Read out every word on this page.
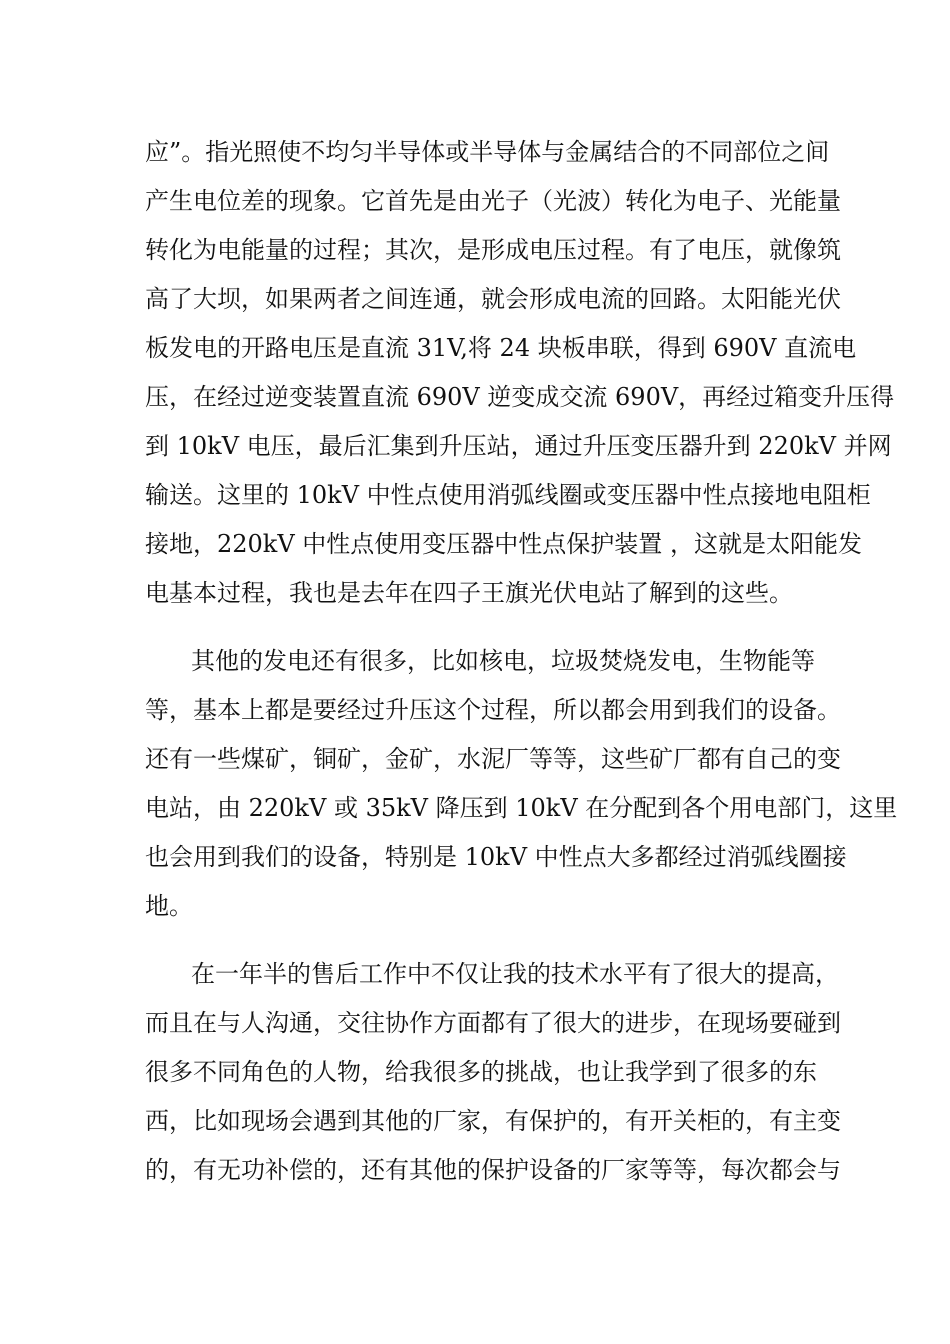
应”。指光照使不均匀半导体或半导体与金属结合的不同部位之间

产生电位差的现象。它首先是由光子（光波）转化为电子、光能量

转化为电能量的过程；其次，是形成电压过程。有了电压，就像筑

高了大坝，如果两者之间连通，就会形成电流的回路。太阳能光伏

板发电的开路电压是直流 31V,将 24 块板串联，得到 690V 直流电

压，在经过逆变装置直流 690V 逆变成交流 690V，再经过箱变升压得

到 10kV 电压，最后汇集到升压站，通过升压变压器升到 220kV 并网

输送。这里的 10kV 中性点使用消弧线圈或变压器中性点接地电阻柜

接地，220kV 中性点使用变压器中性点保护装置 ，这就是太阳能发

电基本过程，我也是去年在四子王旗光伏电站了解到的这些。

其他的发电还有很多，比如核电，垃圾焚烧发电，生物能等

等，基本上都是要经过升压这个过程，所以都会用到我们的设备。

还有一些煤矿，铜矿，金矿，水泥厂等等，这些矿厂都有自己的变

电站，由 220kV 或 35kV 降压到 10kV 在分配到各个用电部门，这里

也会用到我们的设备，特别是 10kV 中性点大多都经过消弧线圈接

地。

在一年半的售后工作中不仅让我的技术水平有了很大的提高，

而且在与人沟通，交往协作方面都有了很大的进步，在现场要碰到

很多不同角色的人物，给我很多的挑战，也让我学到了很多的东

西，比如现场会遇到其他的厂家，有保护的，有开关柜的，有主变

的，有无功补偿的，还有其他的保护设备的厂家等等，每次都会与
